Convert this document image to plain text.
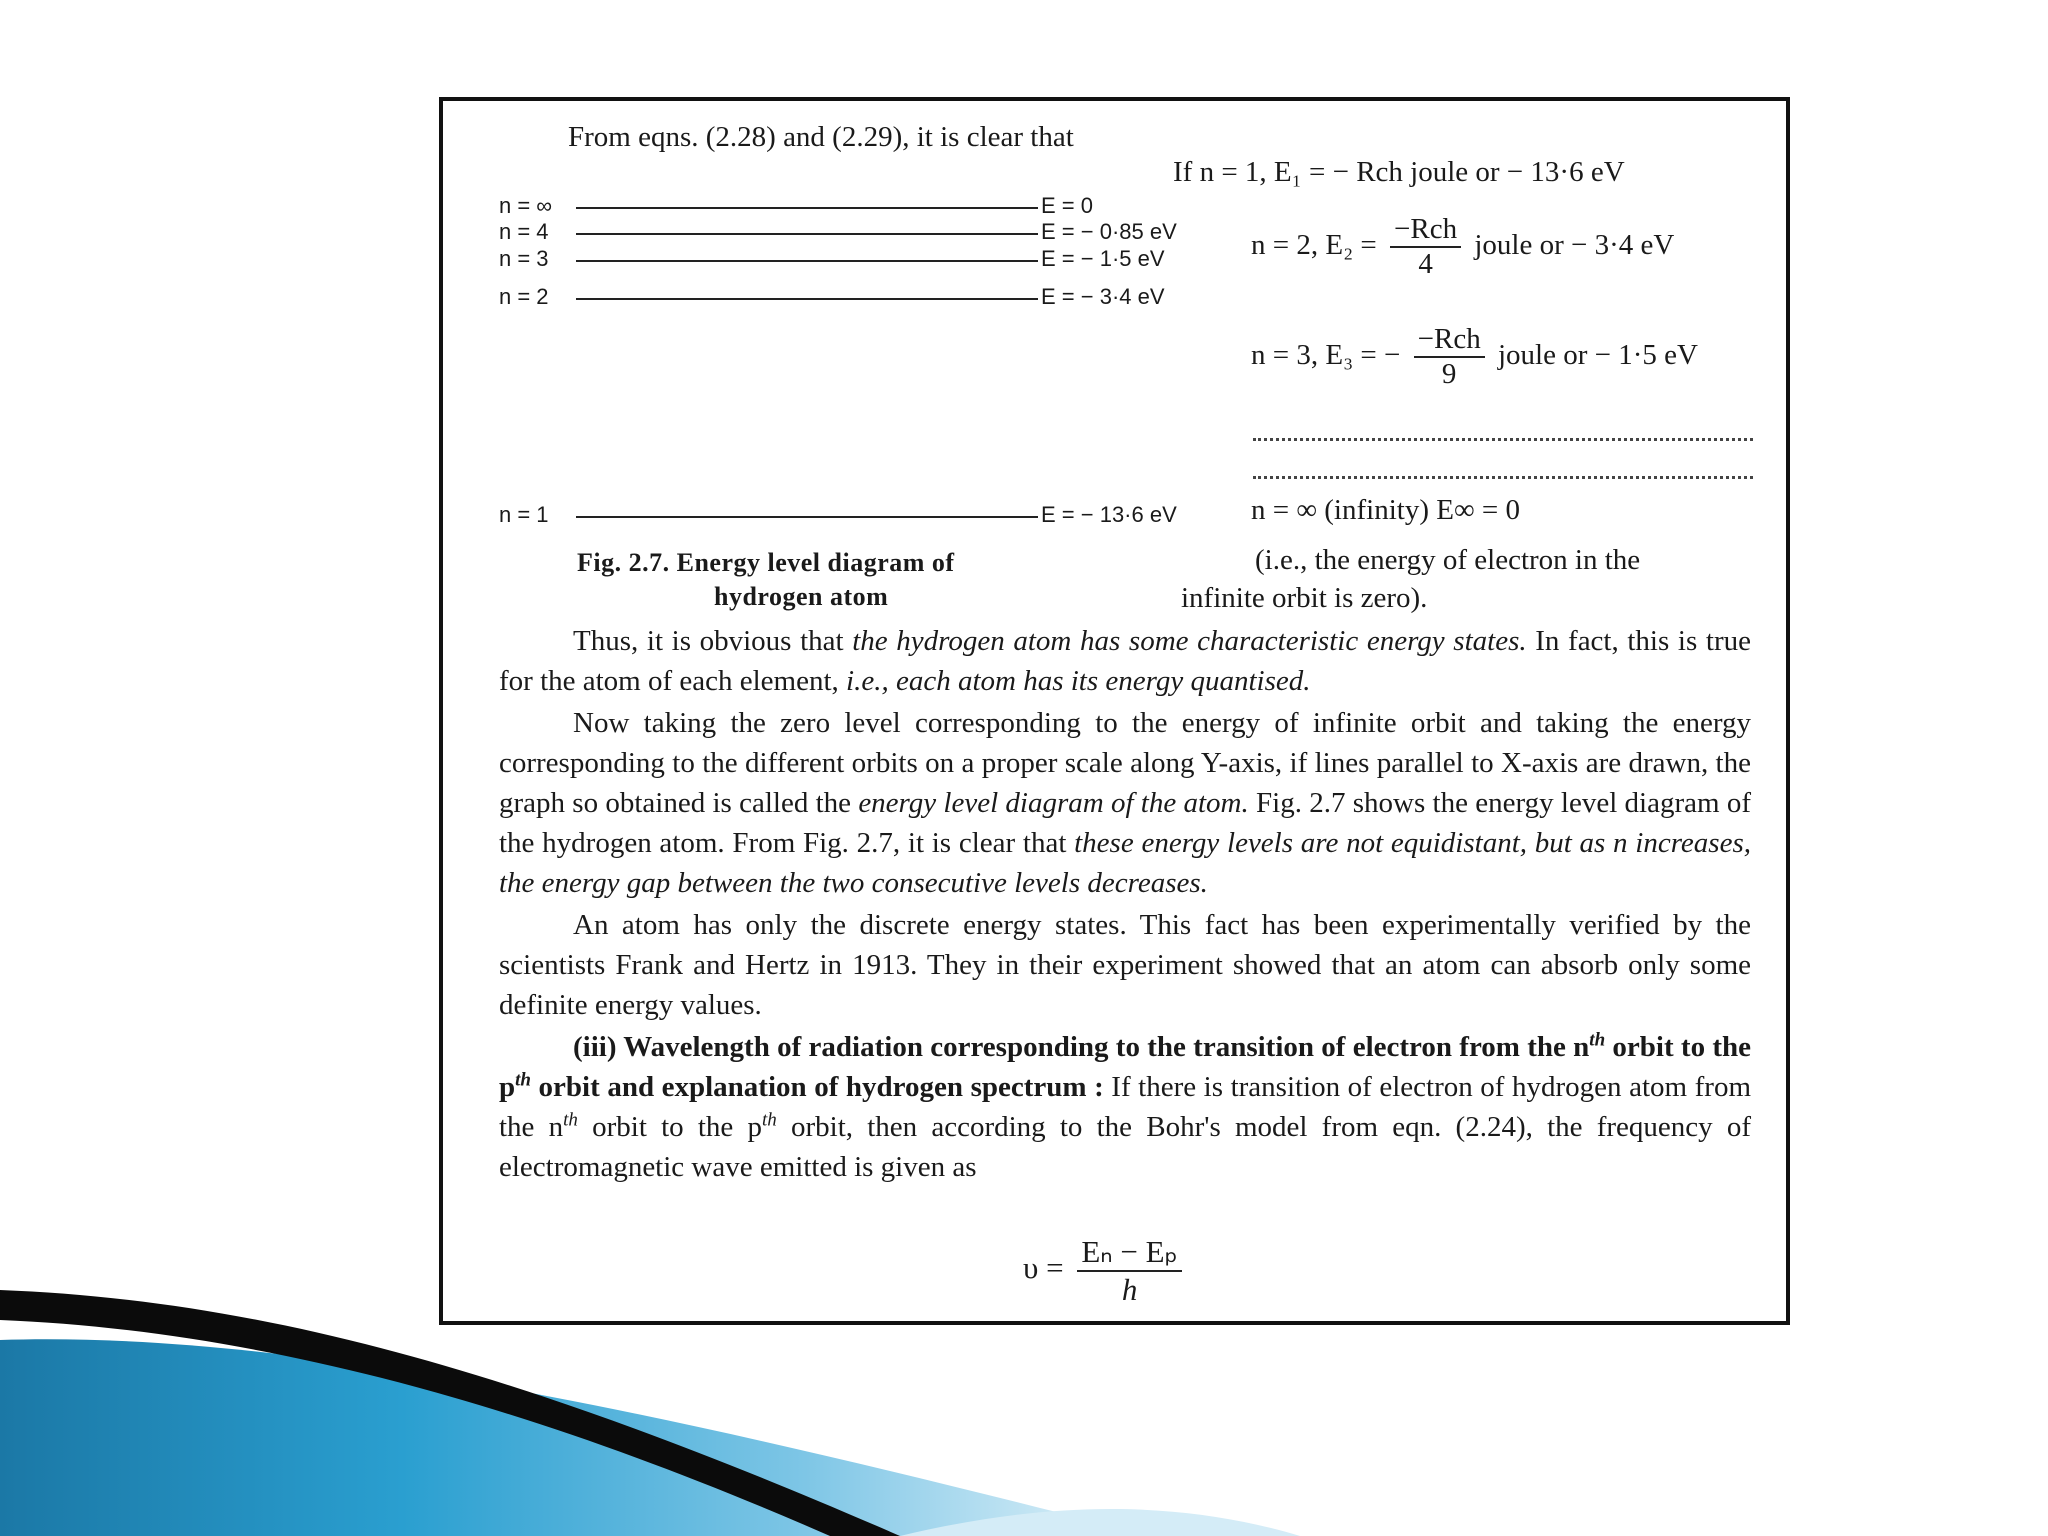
From eqns. (2.28) and (2.29), it is clear that
n = ∞	E = 0
n = 4	E = − 0·85 eV
n = 3	E = − 1·5 eV
n = 2	E = − 3·4 eV
n = 1	E = − 13·6 eV
If n = 1, E₁ = − Rch joule or − 13·6 eV
n = 2, $E_2 = \frac{\text{−Rch}}{4}$ joule or − 3·4 eV
n = 3, E₃ = − $\frac{\text{−Rch}}{9}$ joule or − 1·5 eV
n = ∞ (infinity) E∞ = 0
Fig. 2.7. Energy level diagram of
hydrogen atom
(i.e., the energy of electron in the
infinite orbit is zero).

Thus, it is obvious that the hydrogen atom has some characteristic energy states. In fact, this is true for the atom of each element, i.e., each atom has its energy quantised.

Now taking the zero level corresponding to the energy of infinite orbit and taking the energy corresponding to the different orbits on a proper scale along Y-axis, if lines parallel to X-axis are drawn, the graph so obtained is called the energy level diagram of the atom. Fig. 2.7 shows the energy level diagram of the hydrogen atom. From Fig. 2.7, it is clear that these energy levels are not equidistant, but as n increases, the energy gap between the two consecutive levels decreases.

An atom has only the discrete energy states. This fact has been experimentally verified by the scientists Frank and Hertz in 1913. They in their experiment showed that an atom can absorb only some definite energy values.

(iii) Wavelength of radiation corresponding to the transition of electron from the $n^{th}$ orbit to the $p^{th}$ orbit and explanation of hydrogen spectrum : If there is transition of electron of hydrogen atom from the $n^{th}$ orbit to the $p^{th}$ orbit, then according to the Bohr's model from eqn. (2.24), the frequency of electromagnetic wave emitted is given as

$\upsilon = \frac{\text{Eₙ − Eₚ}}{h}$
